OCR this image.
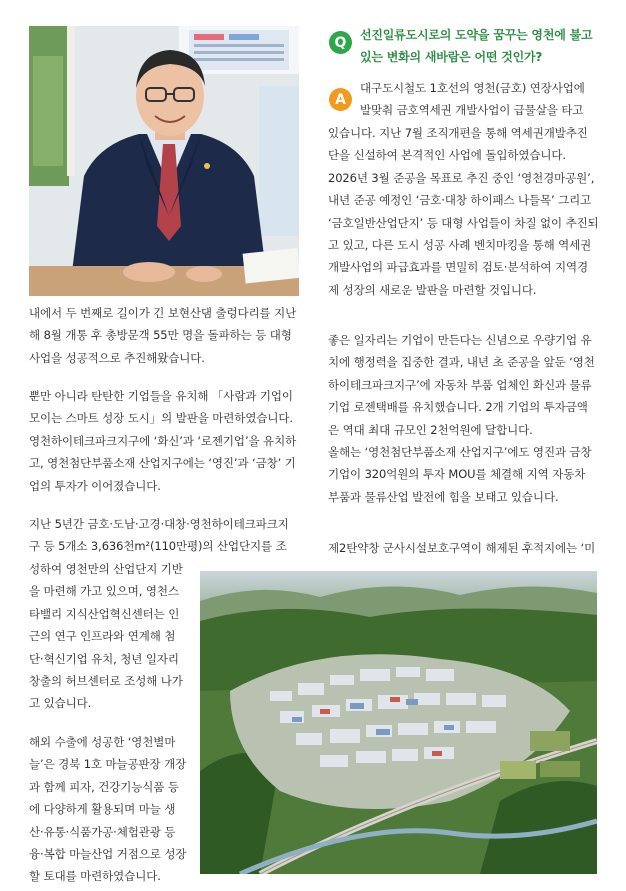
Q	선진일류도시로의 도약을 꿈꾸는 영천에 불고
있는 변화의 새바람은 어떤 것인가?
A
대구도시철도 1호선의 영천(금호) 연장사업에
발맞춰 금호역세권 개발사업이 급물살을 타고
있습니다. 지난 7월 조직개편을 통해 역세권개발추진
단을 신설하여 본격적인 사업에 돌입하였습니다.
2026년 3월 준공을 목표로 추진 중인 ‘영천경마공원’,
내년 준공 예정인 ‘금호·대창 하이패스 나들목’ 그리고
‘금호일반산업단지’ 등 대형 사업들이 차질 없이 추진되
고 있고, 다른 도시 성공 사례 벤치마킹을 통해 역세권
개발사업의 파급효과를 면밀히 검토·분석하여 지역경
제 성장의 새로운 발판을 마련할 것입니다.
좋은 일자리는 기업이 만든다는 신념으로 우량기업 유
치에 행정력을 집중한 결과, 내년 초 준공을 앞둔 ‘영천
하이테크파크지구’에 자동차 부품 업체인 화신과 물류
기업 로젠택배를 유치했습니다. 2개 기업의 투자금액
은 역대 최대 규모인 2천억원에 달합니다.
올해는 ‘영천첨단부품소재 산업지구’에도 영진과 금창
기업이 320억원의 투자 MOU를 체결해 지역 자동차
부품과 물류산업 발전에 힘을 보태고 있습니다.
제2탄약창 군사시설보호구역이 해제된 후적지에는 ‘미
내에서 두 번째로 길이가 긴 보현산댐 출렁다리를 지난
해 8월 개통 후 총방문객 55만 명을 돌파하는 등 대형
사업을 성공적으로 추진해왔습니다.
뿐만 아니라 탄탄한 기업들을 유치해 「사람과 기업이
모이는 스마트 성장 도시」의 발판을 마련하였습니다.
영천하이테크파크지구에 ‘화신’과 ‘로젠기업’을 유치하
고, 영천첨단부품소재 산업지구에는 ‘영진’과 ‘금창’ 기
업의 투자가 이어졌습니다.
지난 5년간 금호·도남·고경·대창·영천하이테크파크지
구 등 5개소 3,636천m²(110만평)의 산업단지를 조
성하여 영천만의 산업단지 기반
을 마련해 가고 있으며, 영천스
타밸리 지식산업혁신센터는 인
근의 연구 인프라와 연계해 첨
단·혁신기업 유치, 청년 일자리
창출의 허브센터로 조성해 나가
고 있습니다.
해외 수출에 성공한 ‘영천별마
늘’은 경북 1호 마늘공판장 개장
과 함께 피자, 건강기능식품 등
에 다양하게 활용되며 마늘 생
산·유통·식품가공·체험관광 등
융·복합 마늘산업 거점으로 성장
할 토대를 마련하였습니다.
